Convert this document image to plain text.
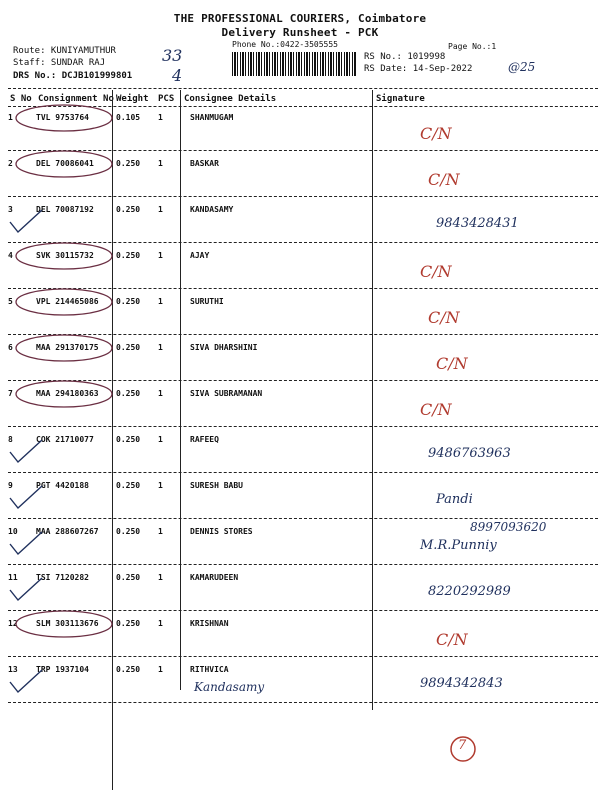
THE PROFESSIONAL COURIERS, Coimbatore
Delivery Runsheet - PCK
Phone No.:0422-3505555	Page No.:1
Route: KUNIYAMUTHUR
Staff: SUNDAR RAJ
DRS No.: DCJB101999801
RS No.: 1019998
RS Date: 14-Sep-2022
33
4	@25
S No Consignment No Weight PCS Consignee Details	Signature
1	TVL 9753764	0.105 1	SHANMUGAM
C/N
2	DEL 70086041	0.250 1	BASKAR
C/N
3	DEL 70087192	0.250 1	KANDASAMY
9843428431
4	SVK 30115732	0.250 1	AJAY
C/N
5	VPL 214465086 0.250 1	SURUTHI
C/N
6	MAA 291370175 0.250 1	SIVA DHARSHINI
C/N
7	MAA 294180363 0.250 1	SIVA SUBRAMANAN
C/N
8	COK 21710077	0.250 1	RAFEEQ
9486763963
9	PGT 4420188	0.250 1	SURESH BABU
Pandi
10 MAA 288607267 0.250 1	DENNIS STORES
M.R.Punniy
8997093620
11 TSI 7120282	0.250 1	KAMARUDEEN
8220292989
12 SLM 303113676 0.250 1	KRISHNAN
C/N
13 TRP 1937104	0.250 1	RITHVICA
9894342843
Kandasamy
7
